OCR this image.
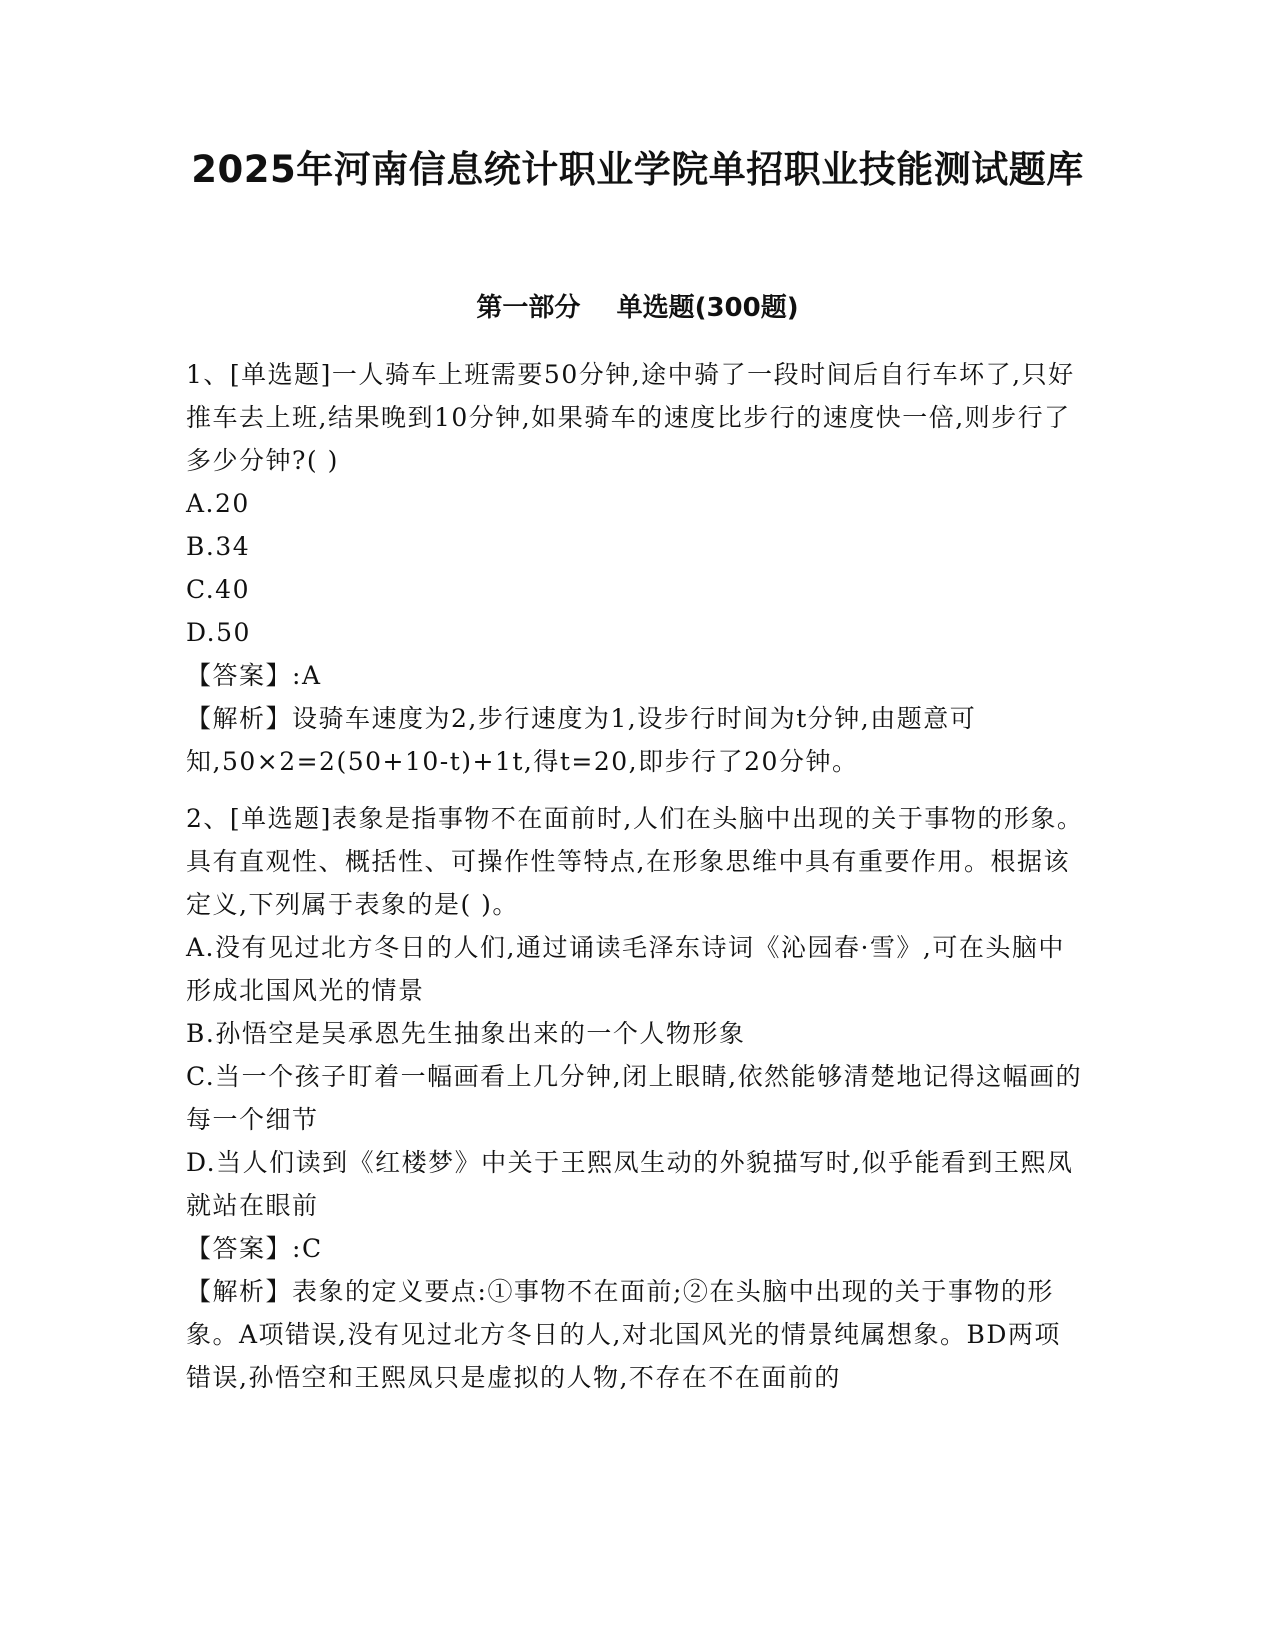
2025年河南信息统计职业学院单招职业技能测试题库
第一部分    单选题(300题)

1、[单选题]一人骑车上班需要50分钟,途中骑了一段时间后自行车坏了,只好推车去上班,结果晚到10分钟,如果骑车的速度比步行的速度快一倍,则步行了多少分钟?( )

A.20

B.34

C.40

D.50

【答案】:A

【解析】设骑车速度为2,步行速度为1,设步行时间为t分钟,由题意可知,50×2=2(50+10-t)+1t,得t=20,即步行了20分钟。

2、[单选题]表象是指事物不在面前时,人们在头脑中出现的关于事物的形象。具有直观性、概括性、可操作性等特点,在形象思维中具有重要作用。根据该定义,下列属于表象的是( )。

A.没有见过北方冬日的人们,通过诵读毛泽东诗词《沁园春·雪》,可在头脑中形成北国风光的情景

B.孙悟空是吴承恩先生抽象出来的一个人物形象

C.当一个孩子盯着一幅画看上几分钟,闭上眼睛,依然能够清楚地记得这幅画的每一个细节

D.当人们读到《红楼梦》中关于王熙凤生动的外貌描写时,似乎能看到王熙凤就站在眼前

【答案】:C

【解析】表象的定义要点:①事物不在面前;②在头脑中出现的关于事物的形象。A项错误,没有见过北方冬日的人,对北国风光的情景纯属想象。BD两项错误,孙悟空和王熙凤只是虚拟的人物,不存在不在面前的
